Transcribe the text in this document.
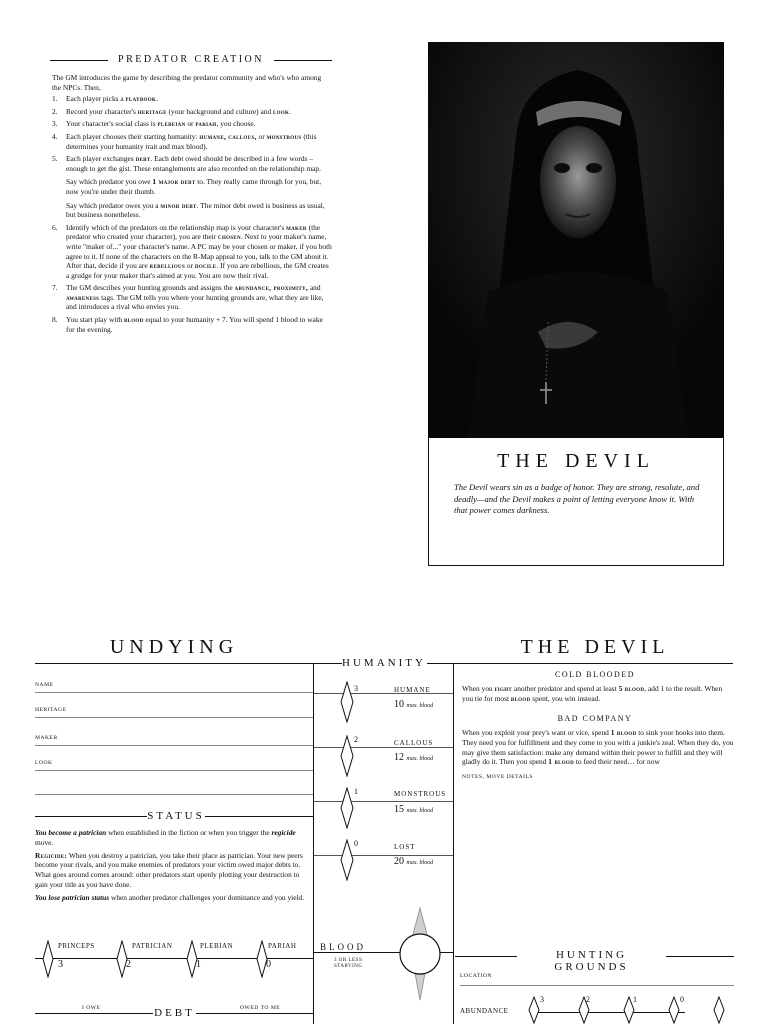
PREDATOR CREATION

The GM introduces the game by describing the predator community and who's who among the NPCs. Then,

1. Each player picks a playbook.
2. Record your character's heritage (your background and culture) and look.
3. Your character's social class is plebeian or pariah, you choose.
4. Each player chooses their starting humanity: humane, callous, or monstrous (this determines your humanity trait and max blood).
5. Each player exchanges debt. Each debt owed should be described in a few words – enough to get the gist. These entanglements are also recorded on the relationship map.
Say which predator you owe 1 major debt to. They really came through for you, but, now you're under their thumb.
Say which predator owes you a minor debt. The minor debt owed is business as usual, but business nonetheless.
6. Identify which of the predators on the relationship map is your character's maker (the predator who created your character), you are their chosen. Next to your maker's name, write "maker of..." your character's name. A PC may be your chosen or maker, if you both agree to it. If none of the characters on the R-Map appeal to you, talk to the GM about it. After that, decide if you are rebellious or docile. If you are rebellious, the GM creates a grudge for your maker that's aimed at you. You are now their rival.
7. The GM describes your hunting grounds and assigns the abundance, proximity, and awareness tags. The GM tells you where your hunting grounds are, what they are like, and introduces a rival who envies you.
8. You start play with blood equal to your humanity + 7. You will spend 1 blood to wake for the evening.
THE DEVIL
The Devil wears sin as a badge of honor. They are strong, resolute, and deadly—and the Devil makes a point of letting everyone know it. With that power comes darkness.
UNDYING	THE DEVIL
HUMANITY
NAME
HERITAGE
MAKER
LOOK
STATUS

You become a patrician when established in the fiction or when you trigger the regicide move.

Regicide: When you destroy a patrician, you take their place as patrician. Your new peers become your rivals, and you make enemies of predators your victim owed major debts to. What goes around comes around: other predators start openly plotting your destruction to gain your title as you have done.

You lose patrician status when another predator challenges your dominance and you yield.

PRINCEPS
3
PATRICIAN
2
PLEBIAN
1
PARIAH
0
I OWE	OWED TO ME
DEBT
3	HUMANE
10 max. blood
2	CALLOUS
12 max. blood
1	MONSTROUS
15 max. blood
0	LOST
20 max. blood
BLOOD
3 OR LESS: STARVING
COLD BLOODED
When you fight another predator and spend at least 5 blood, add 1 to the result. When you tie for most blood spent, you win instead.
BAD COMPANY
When you exploit your prey's want or vice, spend 1 blood to sink your hooks into them. They need you for fulfillment and they come to you with a junkie's zeal. When they do, you may give them satisfaction: make any demand within their power to fulfill and they will gladly do it. Then you spend 1 blood to feed their need… for now
NOTES, MOVE DETAILS
HUNTING GROUNDS
LOCATION
ABUNDANCE
3	2	1	0
